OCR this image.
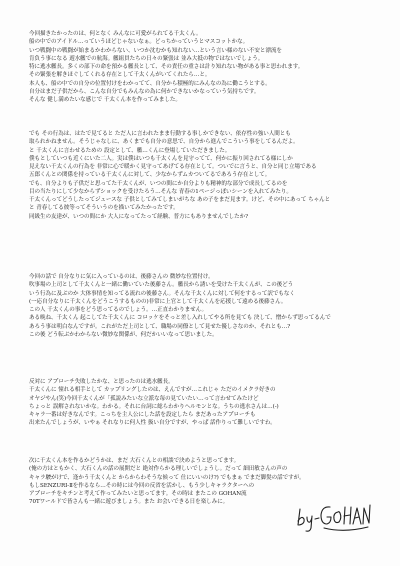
今回描きたかったのは、何となく みんなに可愛がられてる千太くん。

船の中でのアイドル…っていうほどじゃないなぁ。どっちかっていうとマスコットかな。

いつ戦闘中の戦闘が始まるかわからない、いつか沈むかも知れない…という言い様のない不安と漂流を

肯負う事になる 遊水艦での航海。艦組員たちの日々の緊張は 並み大抵の物ではないでしょう。

特に逃水艦長。多くの部下の命を預かる艦長として、その責任の重さは計り知れない物がある事と思われます。

その緊張を解きほぐしてくれる存在として千太くんがいてくれたら…と。

本人も、船の中での自分の位置付けをわかってて、自分から積極的にみんなの為に働こうとする。

自分はまだ子供だから、こんな自分でもみんなの為に何かできないかなっていう気持ちです。

そんな 健し満めたいな感じで 千太くん本を作ってみました。

でも その行為は、はたで見てると ただ人に言われたまま行動する事しかできない、依存性の強い人間とも

取られかねません。そうじゃなしに、あくまでも自分の意思で、自分から進んでこういう事をしてるんだよ。

と 千太くんに言わせるための 設定として、艦…くんに登場していただきました。

僕もとしていつも近くにいた二人。実は僕はいつも千太くんを見守ってて、何かに振り回されてる様にしか

見えない千太くんの行為を 非常に心で暖かく見守ってあげてる存在として。ついでに言うと、自分と同じ立場である

五郎くんとの関係を持っている千太くんに対して、少なからずムカついてるであろう存在として。

でも、自分よりも子供だと思ってた千太くんが、いつの間にか自分よりも精神的な部分で成長してるのを

目の当たりにして少なからずショックを受けたろう…そんな 青春の1ページっぽいシーンを入れてみたり。

千太くんってどうしたってジュースな 子供としてみてしまいがちな あの子をまだ見ます。けど、その中にあって ちゃんと

と 青春してる彼等ってそういうのを描いてみたかったです。

同級生の友達が、いつの間にか 大人になってたって経験、普方にもありませんでしたか?

今回の話で 自分なりに気に入っているのは、後藤さんの 微妙な位置付け。

吹事場の上司として千太くんと一緒に働いていた後藤さん。艦長から誘いを受けた千太くんが、この後どう

いう行為に及ぶのか 大体事情を知ってる流れの後藤さん。そんな千太くんに対して何をするって訳でもなく

(一応自分なりに千太くんをどうこうするものの)非常に上官として千太くんを応援して遠める後藤さん。

この人 千太くんの事をどう思ってるのでしょう。…正直わかりません。

ある晩ね、千太くん 起こしてた千太くんに コロッケをそっと差し入れしてやる所を見ても 決して、憎からず思ってるんで

あろう事は明白なんですが。これがただ上司として、職場の同僚として見せた優しさなのか、それとも…?

この後 どう転ぶかわからない微妙な関係が、何だかいいなって思いました。

反対に アプローチ失敗したかな、と思ったのは逃水艦長。

千太くんに 憧れる相手として カップリングしたのは、えんですが…これじゃ ただのイメクラ好きの

オヤジやん(笑)今回千太くんが「孤説みたいな立派な毎の見ていたい…って言わせてみたけど

ちょっと 誤解されないかな。わかる。それに台詞に総らわかりヘルモンとな。うちの逃水さんは…(-)

キャラ一番は好きなんです。こっちを主人公にした話を設定したら まだあったアプローチも

出来たんでしょうが、いやぁ それなりに何人性 扱い自分ですが、やっぱ 話作りって難しいですわ。

次に千太くん本を作るかどうかは、まだ 大石くんとの相談で決めようと思ってます。

(俺の方はともかく、大石くんの話の展開だと 絶対作らかる理しいでしょうし。だって 細田敏さんの声の

キャラ駿がけで、逢かう千太くんと からからわそうな候って 仕にいいのけ?) でもまぁ でまだ脚髪の話ですが。

もしSENZURI-Ⅱを作るなら…その時には今回の反省を活かし、もう少しキャラクターへの

アプローチをキチンと考えて作ってみたいと思ってます。その時は またこの GOHAN流

70Tワールドで皆さんも一緒に遊びましょう。また お会いできる日を楽しみに。
